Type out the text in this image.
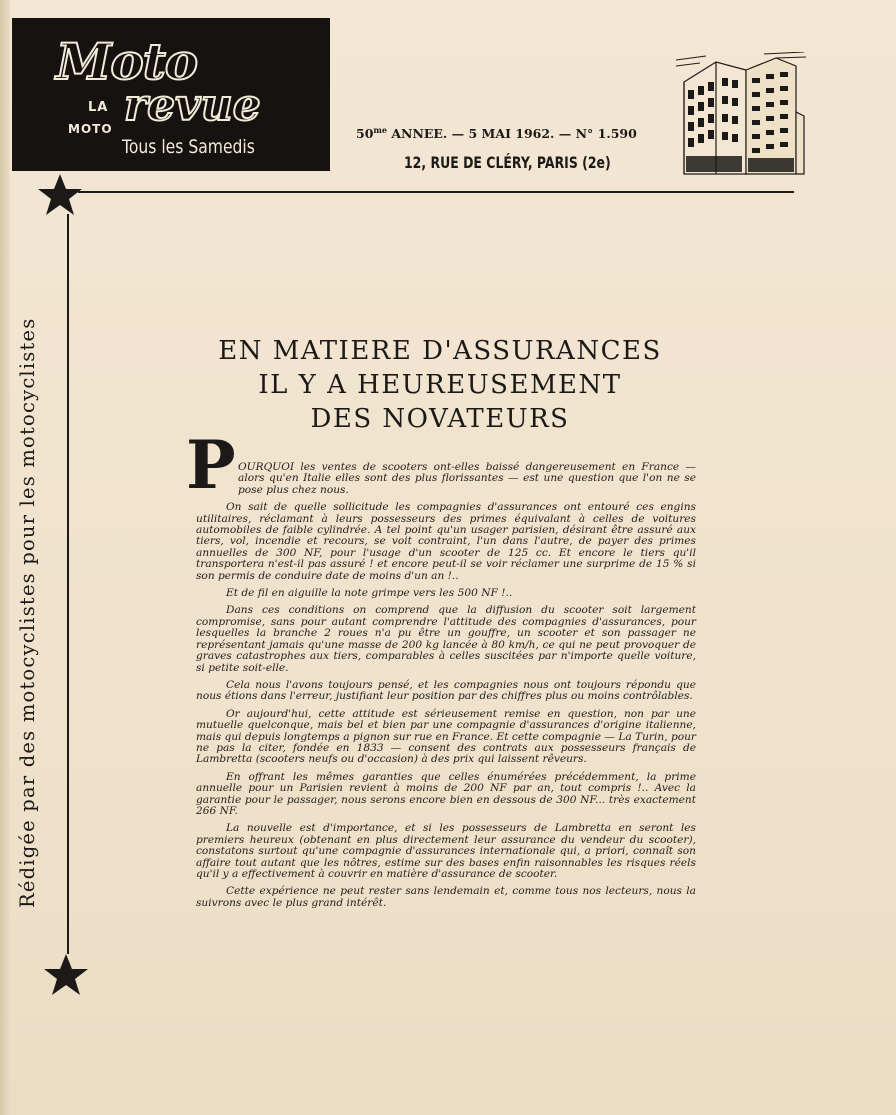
Moto
LA
MOTO revue
Tous les Samedis
$50^{me}$ ANNEE. — 5 MAI 1962. — N° 1.590
12, RUE DE CLÉRY, PARIS (2e)
Rédigée par des motocyclistes pour les motocyclistes	EN MATIERE D'ASSURANCES
IL Y A HEUREUSEMENT
DES NOVATEURS
P OURQUOI les ventes de scooters ont-elles baissé dangereusement en France — alors qu'en Italie elles sont des plus florissantes — est une question que l'on ne se pose plus chez nous.

On sait de quelle sollicitude les compagnies d'assurances ont entouré ces engins utilitaires, réclamant à leurs possesseurs des primes équivalant à celles de voitures automobiles de faible cylindrée. A tel point qu'un usager parisien, désirant être assuré aux tiers, vol, incendie et recours, se voit contraint, l'un dans l'autre, de payer des primes annuelles de 300 NF, pour l'usage d'un scooter de 125 cc. Et encore le tiers qu'il transportera n'est-il pas assuré ! et encore peut-il se voir réclamer une surprime de 15 % si son permis de conduire date de moins d'un an !..

Et de fil en aiguille la note grimpe vers les 500 NF !..

Dans ces conditions on comprend que la diffusion du scooter soit largement compromise, sans pour autant comprendre l'attitude des compagnies d'assurances, pour lesquelles la branche 2 roues n'a pu être un gouffre, un scooter et son passager ne représentant jamais qu'une masse de 200 kg lancée à 80 km/h, ce qui ne peut provoquer de graves catastrophes aux tiers, comparables à celles suscitées par n'importe quelle voiture, si petite soit-elle.

Cela nous l'avons toujours pensé, et les compagnies nous ont toujours répondu que nous étions dans l'erreur, justifiant leur position par des chiffres plus ou moins contrôlables.

Or aujourd'hui, cette attitude est sérieusement remise en question, non par une mutuelle quelconque, mais bel et bien par une compagnie d'assurances d'origine italienne, mais qui depuis longtemps a pignon sur rue en France. Et cette compagnie — La Turin, pour ne pas la citer, fondée en 1833 — consent des contrats aux possesseurs français de Lambretta (scooters neufs ou d'occasion) à des prix qui laissent rêveurs.

En offrant les mêmes garanties que celles énumérées précédemment, la prime annuelle pour un Parisien revient à moins de 200 NF par an, tout compris !.. Avec la garantie pour le passager, nous serons encore bien en dessous de 300 NF... très exactement 266 NF.

La nouvelle est d'importance, et si les possesseurs de Lambretta en seront les premiers heureux (obtenant en plus directement leur assurance du vendeur du scooter), constatons surtout qu'une compagnie d'assurances internationale qui, a priori, connaît son affaire tout autant que les nôtres, estime sur des bases enfin raisonnables les risques réels qu'il y a effectivement à couvrir en matière d'assurance de scooter.

Cette expérience ne peut rester sans lendemain et, comme tous nos lecteurs, nous la suivrons avec le plus grand intérêt.
